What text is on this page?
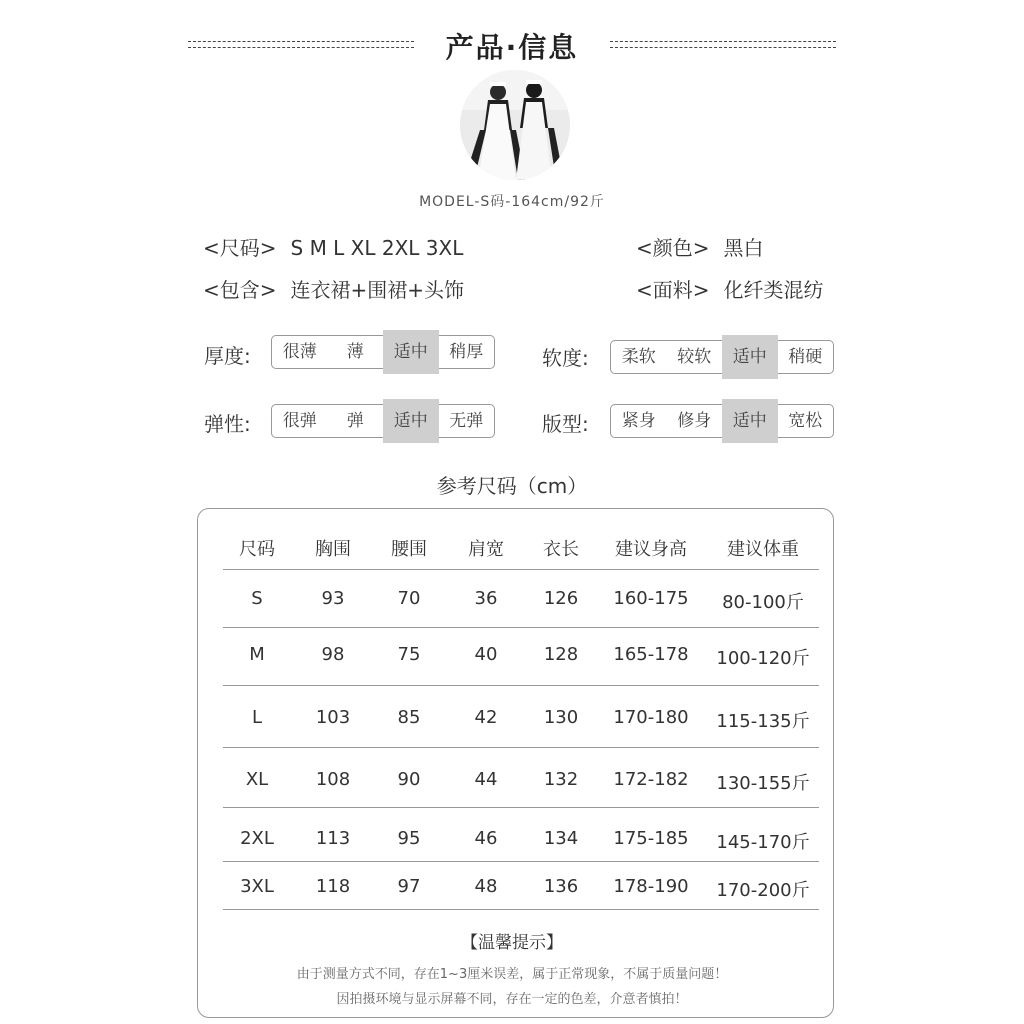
产品·信息
MODEL-S码-164cm/92斤
<尺码> S M L XL 2XL 3XL	<颜色> 黑白
<包含> 连衣裙+围裙+头饰	<面料> 化纤类混纺
厚度:	很薄	薄	适中	稍厚	软度:	柔软	较软	适中	稍硬
弹性:	很弹	弹	适中	无弹	版型:	紧身	修身	适中	宽松
参考尺码（cm）
尺码	胸围	腰围	肩宽	衣长	建议身高	建议体重
S	93	70	36	126	160-175	80-100斤
M	98	75	40	128	165-178	100-120斤
L	103	85	42	130	170-180	115-135斤
XL	108	90	44	132	172-182	130-155斤
2XL	113	95	46	134	175-185	145-170斤
3XL	118	97	48	136	178-190	170-200斤
【温馨提示】
由于测量方式不同，存在1~3厘米误差，属于正常现象，不属于质量问题！
因拍摄环境与显示屏幕不同，存在一定的色差，介意者慎拍！
